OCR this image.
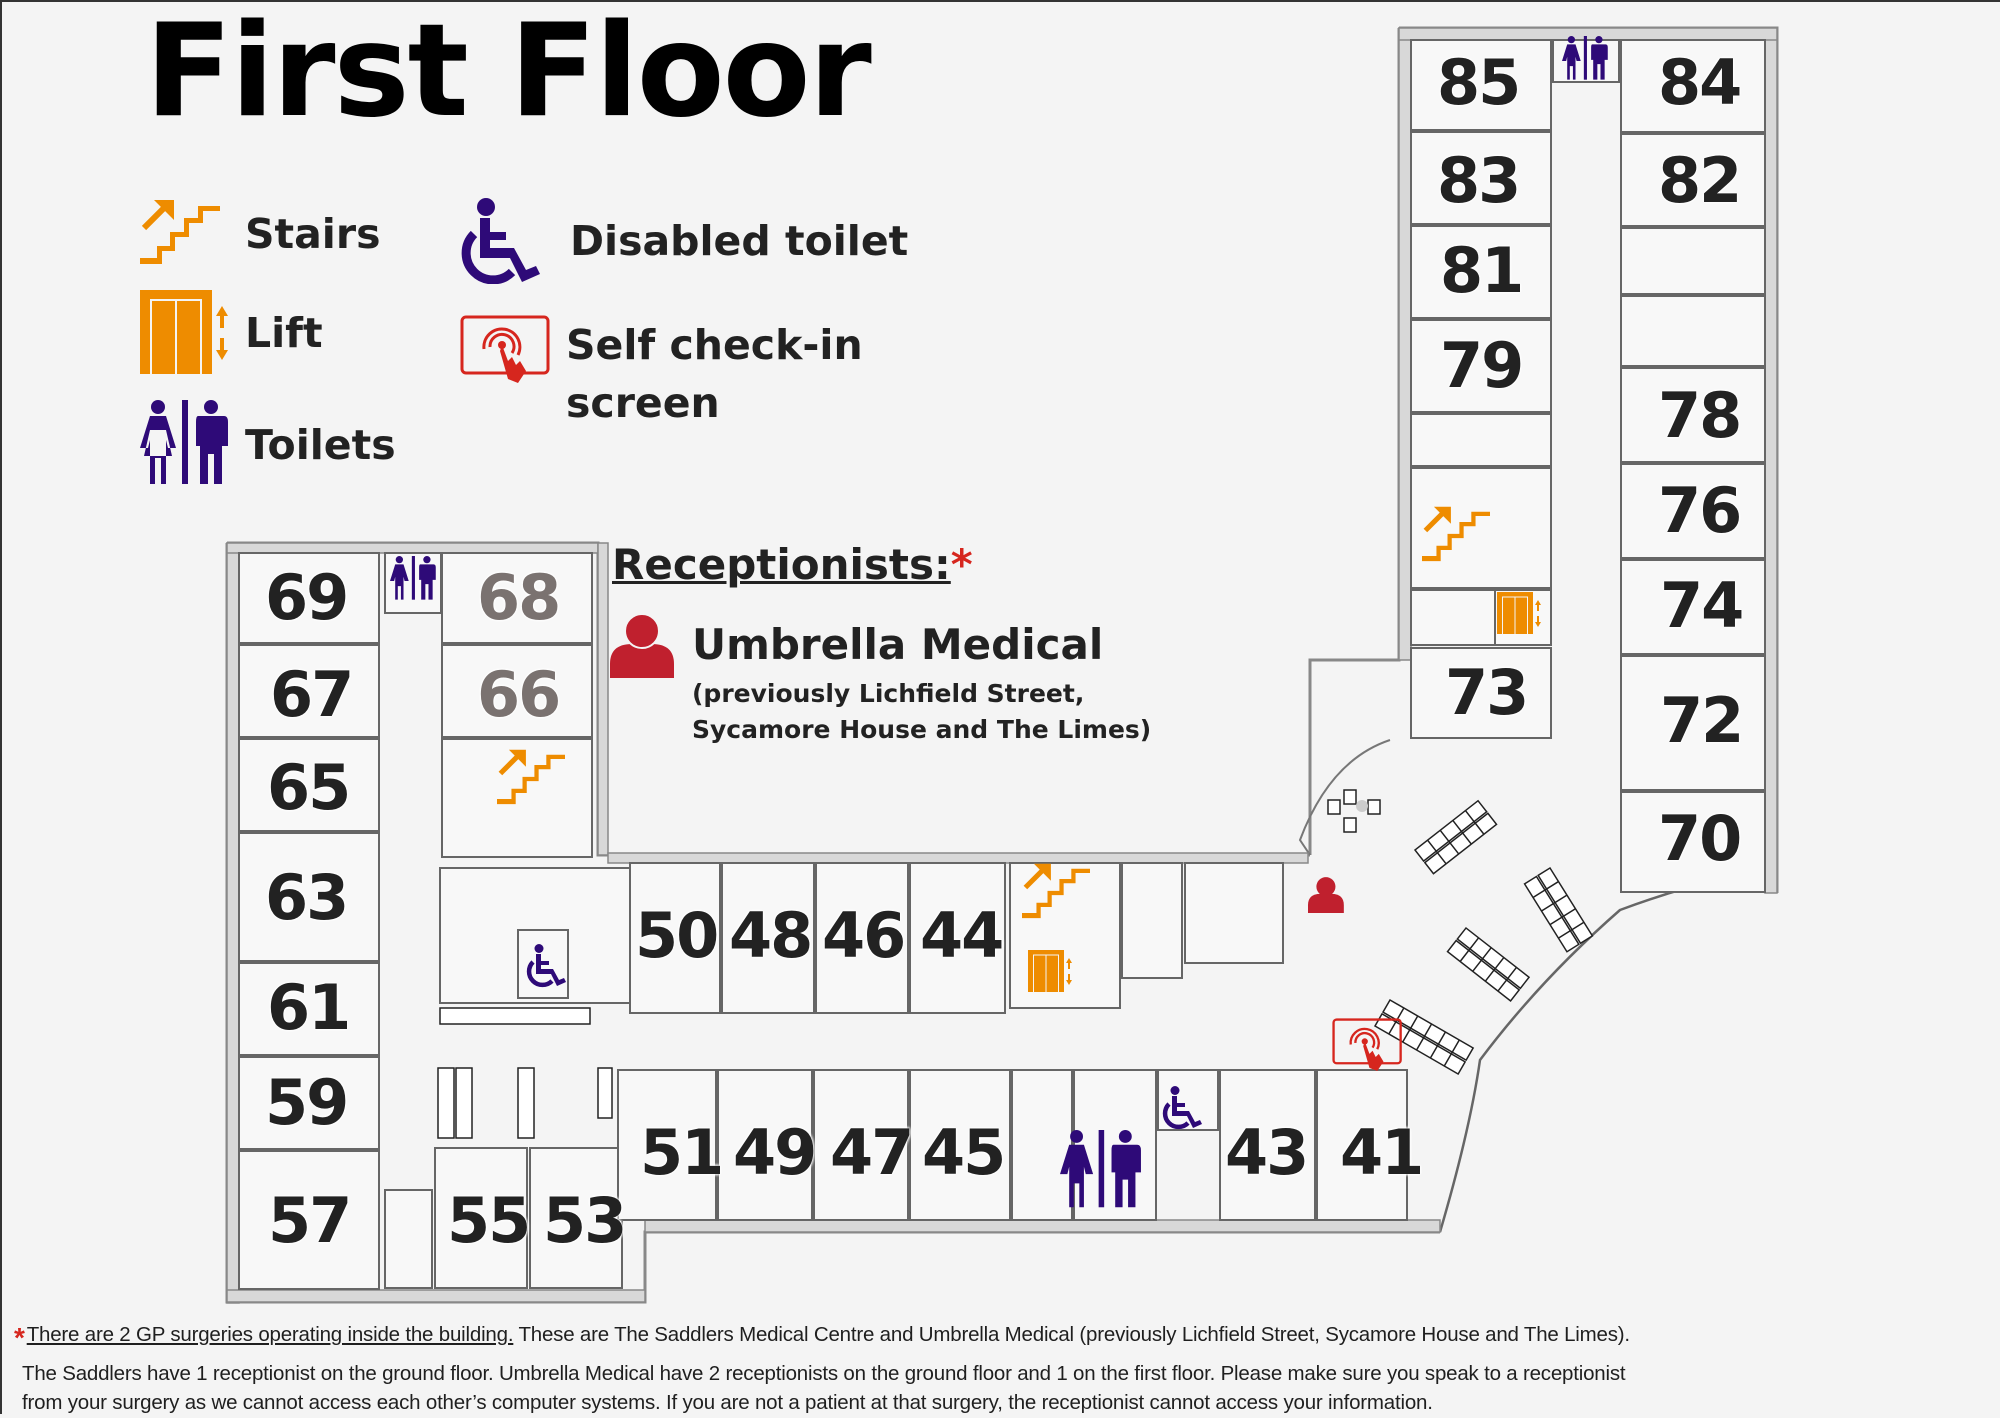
First Floor
Stairs
Lift
Toilets
Disabled toilet
Self check-in
screen
Receptionists:*
Umbrella Medical
(previously Lichfield Street,
Sycamore House and The Limes)
85 84
83 82
81
79
78
76
74
73 72
70
69 68
67 66
65
63
61
59
57 55 53
50 48 46 44
51 49 47 45	43 41
*There are 2 GP surgeries operating inside the building. These are The Saddlers Medical Centre and Umbrella Medical (previously Lichfield Street, Sycamore House and The Limes).
The Saddlers have 1 receptionist on the ground floor. Umbrella Medical have 2 receptionists on the ground floor and 1 on the first floor. Please make sure you speak to a receptionist
from your surgery as we cannot access each other’s computer systems. If you are not a patient at that surgery, the receptionist cannot access your information.
